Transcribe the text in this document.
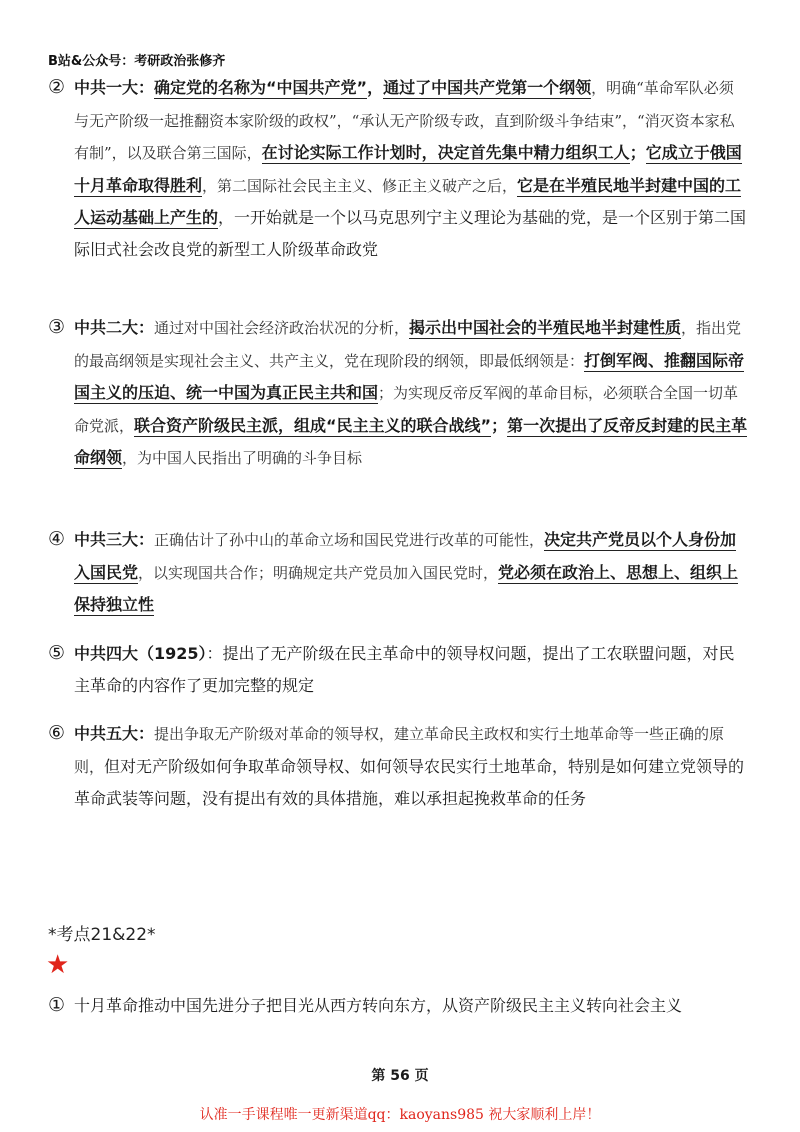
B站&公众号：考研政治张修齐
② 中共一大：确定党的名称为“中国共产党”，通过了中国共产党第一个纲领，明确“革命军队必须与无产阶级一起推翻资本家阶级的政权”，“承认无产阶级专政，直到阶级斗争结束”，“消灭资本家私有制”，以及联合第三国际，在讨论实际工作计划时，决定首先集中精力组织工人；它成立于俄国十月革命取得胜利，第二国际社会民主主义、修正主义破产之后，它是在半殖民地半封建中国的工人运动基础上产生的，一开始就是一个以马克思列宁主义理论为基础的党，是一个区别于第二国际旧式社会改良党的新型工人阶级革命政党
③ 中共二大：通过对中国社会经济政治状况的分析，揭示出中国社会的半殖民地半封建性质，指出党的最高纲领是实现社会主义、共产主义，党在现阶段的纲领，即最低纲领是：打倒军阀、推翻国际帝国主义的压迫、统一中国为真正民主共和国；为实现反帝反军阀的革命目标，必须联合全国一切革命党派，联合资产阶级民主派，组成“民主主义的联合战线”；第一次提出了反帝反封建的民主革命纲领，为中国人民指出了明确的斗争目标
④ 中共三大：正确估计了孙中山的革命立场和国民党进行改革的可能性，决定共产党员以个人身份加入国民党，以实现国共合作；明确规定共产党员加入国民党时，党必须在政治上、思想上、组织上保持独立性
⑤ 中共四大（1925）：提出了无产阶级在民主革命中的领导权问题，提出了工农联盟问题，对民主革命的内容作了更加完整的规定
⑥ 中共五大：提出争取无产阶级对革命的领导权，建立革命民主政权和实行土地革命等一些正确的原则，但对无产阶级如何争取革命领导权、如何领导农民实行土地革命，特别是如何建立党领导的革命武装等问题，没有提出有效的具体措施，难以承担起挽救革命的任务
*考点21&22*
★
① 十月革命推动中国先进分子把目光从西方转向东方，从资产阶级民主主义转向社会主义
第 56 页
认准一手课程唯一更新渠道qq：kaoyans985 祝大家顺利上岸！
